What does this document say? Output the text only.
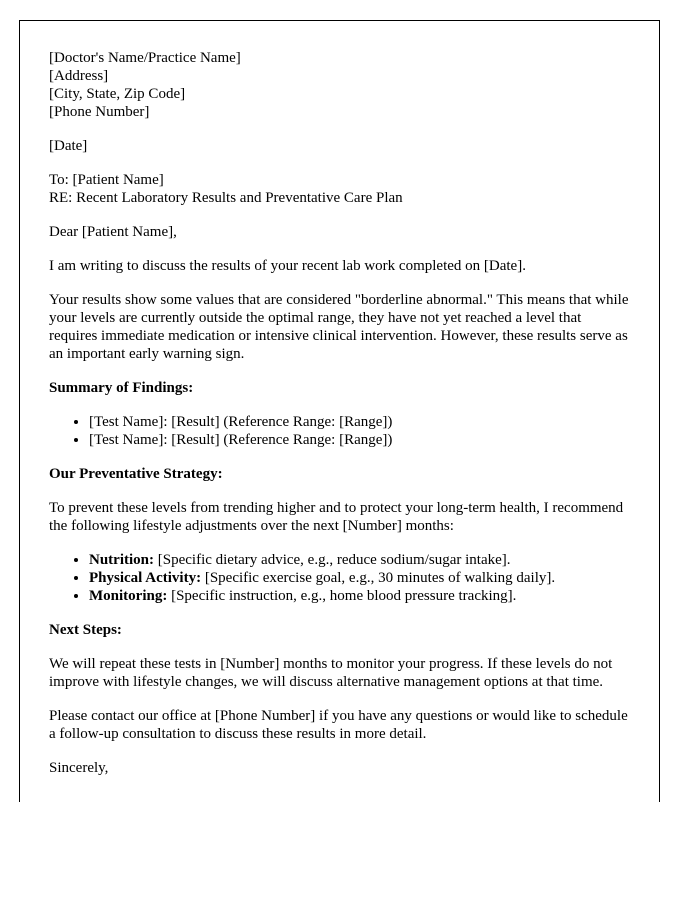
[Doctor's Name/Practice Name]
[Address]
[City, State, Zip Code]
[Phone Number]

[Date]

To: [Patient Name]
RE: Recent Laboratory Results and Preventative Care Plan

Dear [Patient Name],

I am writing to discuss the results of your recent lab work completed on [Date].

Your results show some values that are considered "borderline abnormal." This means that while your levels are currently outside the optimal range, they have not yet reached a level that requires immediate medication or intensive clinical intervention. However, these results serve as an important early warning sign.

Summary of Findings:

• [Test Name]: [Result] (Reference Range: [Range])
• [Test Name]: [Result] (Reference Range: [Range])

Our Preventative Strategy:

To prevent these levels from trending higher and to protect your long-term health, I recommend the following lifestyle adjustments over the next [Number] months:

• Nutrition: [Specific dietary advice, e.g., reduce sodium/sugar intake].
• Physical Activity: [Specific exercise goal, e.g., 30 minutes of walking daily].
• Monitoring: [Specific instruction, e.g., home blood pressure tracking].

Next Steps:

We will repeat these tests in [Number] months to monitor your progress. If these levels do not improve with lifestyle changes, we will discuss alternative management options at that time.

Please contact our office at [Phone Number] if you have any questions or would like to schedule a follow-up consultation to discuss these results in more detail.

Sincerely,
